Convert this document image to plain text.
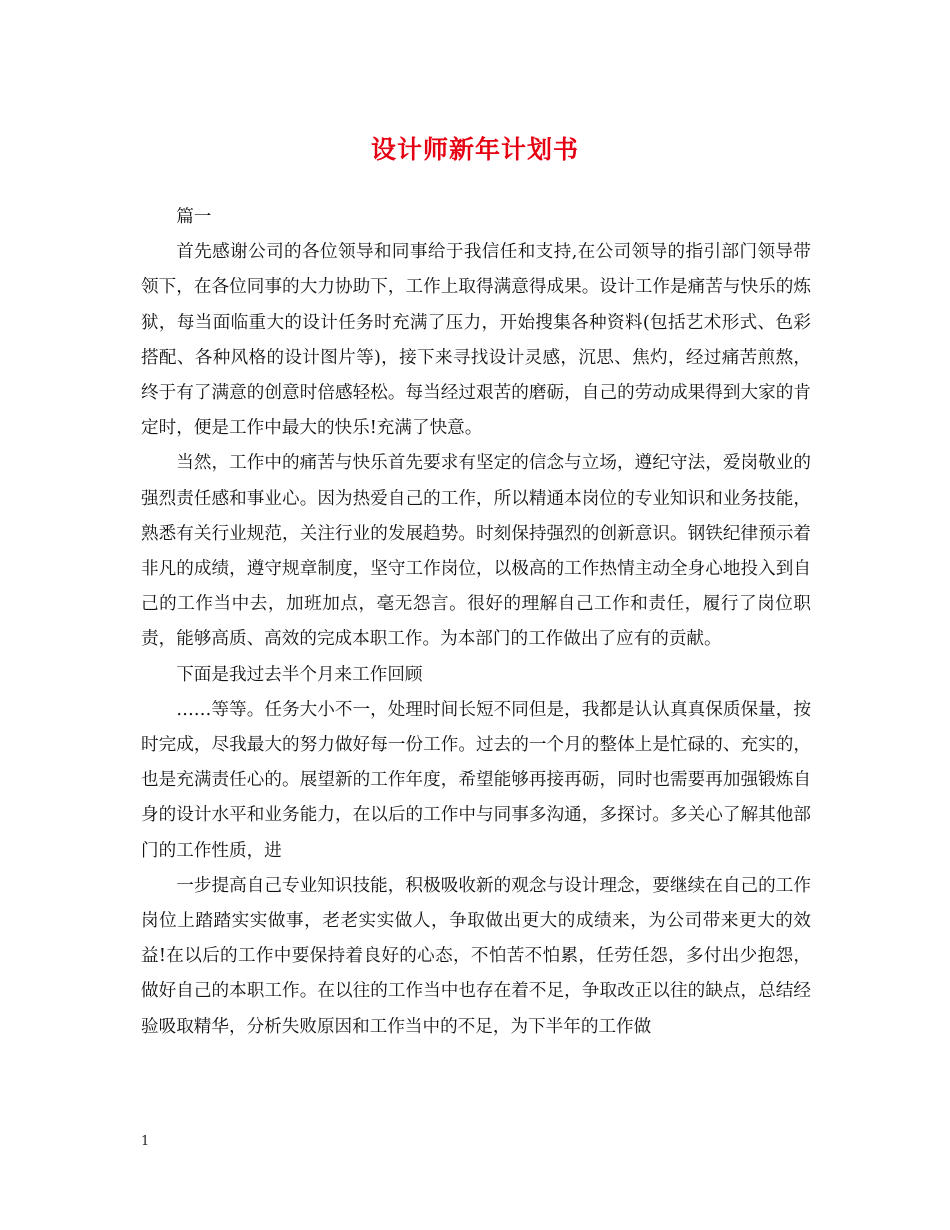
设计师新年计划书

篇一

首先感谢公司的各位领导和同事给于我信任和支持,在公司领导的指引部门领导带领下，在各位同事的大力协助下，工作上取得满意得成果。设计工作是痛苦与快乐的炼狱，每当面临重大的设计任务时充满了压力，开始搜集各种资料(包括艺术形式、色彩搭配、各种风格的设计图片等)，接下来寻找设计灵感，沉思、焦灼，经过痛苦煎熬，终于有了满意的创意时倍感轻松。每当经过艰苦的磨砺，自己的劳动成果得到大家的肯定时，便是工作中最大的快乐!充满了快意。

当然，工作中的痛苦与快乐首先要求有坚定的信念与立场，遵纪守法，爱岗敬业的强烈责任感和事业心。因为热爱自己的工作，所以精通本岗位的专业知识和业务技能，熟悉有关行业规范，关注行业的发展趋势。时刻保持强烈的创新意识。钢铁纪律预示着非凡的成绩，遵守规章制度，坚守工作岗位，以极高的工作热情主动全身心地投入到自己的工作当中去，加班加点，毫无怨言。很好的理解自己工作和责任，履行了岗位职责，能够高质、高效的完成本职工作。为本部门的工作做出了应有的贡献。

下面是我过去半个月来工作回顾

……等等。任务大小不一，处理时间长短不同但是，我都是认认真真保质保量，按时完成，尽我最大的努力做好每一份工作。过去的一个月的整体上是忙碌的、充实的，也是充满责任心的。展望新的工作年度，希望能够再接再砺，同时也需要再加强锻炼自身的设计水平和业务能力，在以后的工作中与同事多沟通，多探讨。多关心了解其他部门的工作性质，进

一步提高自己专业知识技能，积极吸收新的观念与设计理念，要继续在自己的工作岗位上踏踏实实做事，老老实实做人，争取做出更大的成绩来，为公司带来更大的效益!在以后的工作中要保持着良好的心态，不怕苦不怕累，任劳任怨，多付出少抱怨，做好自己的本职工作。在以往的工作当中也存在着不足，争取改正以往的缺点，总结经验吸取精华，分析失败原因和工作当中的不足，为下半年的工作做

1
